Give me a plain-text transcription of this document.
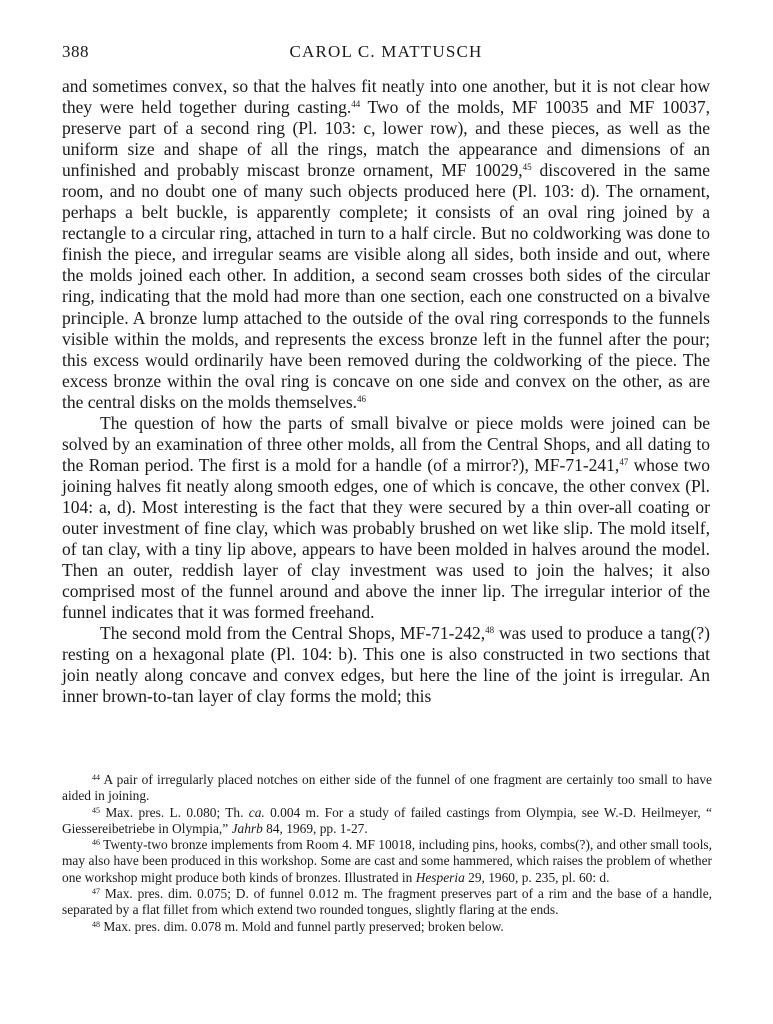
388	CAROL C. MATTUSCH

and sometimes convex, so that the halves fit neatly into one another, but it is not clear how they were held together during casting.$^{44}$ Two of the molds, MF 10035 and MF 10037, preserve part of a second ring (Pl. 103: c, lower row), and these pieces, as well as the uniform size and shape of all the rings, match the appearance and dimensions of an unfinished and probably miscast bronze ornament, MF 10029,45 discovered in the same room, and no doubt one of many such objects produced here (Pl. 103: d). The ornament, perhaps a belt buckle, is apparently complete; it consists of an oval ring joined by a rectangle to a circular ring, attached in turn to a half circle. But no coldworking was done to finish the piece, and irregular seams are visible along all sides, both inside and out, where the molds joined each other. In addition, a second seam crosses both sides of the circular ring, indicating that the mold had more than one section, each one constructed on a bivalve principle. A bronze lump attached to the outside of the oval ring corresponds to the funnels visible within the molds, and represents the excess bronze left in the funnel after the pour; this excess would ordinarily have been removed during the coldworking of the piece. The excess bronze within the oval ring is concave on one side and convex on the other, as are the central disks on the molds themselves.$^{46}$

The question of how the parts of small bivalve or piece molds were joined can be solved by an examination of three other molds, all from the Central Shops, and all dating to the Roman period. The first is a mold for a handle (of a mirror?), MF-71-241,47 whose two joining halves fit neatly along smooth edges, one of which is concave, the other convex (Pl. 104: a, d). Most interesting is the fact that they were secured by a thin over-all coating or outer investment of fine clay, which was probably brushed on wet like slip. The mold itself, of tan clay, with a tiny lip above, appears to have been molded in halves around the model. Then an outer, reddish layer of clay investment was used to join the halves; it also comprised most of the funnel around and above the inner lip. The irregular interior of the funnel indicates that it was formed freehand.

The second mold from the Central Shops, MF-71-242,48 was used to produce a tang(?) resting on a hexagonal plate (Pl. 104: b). This one is also constructed in two sections that join neatly along concave and convex edges, but here the line of the joint is irregular. An inner brown-to-tan layer of clay forms the mold; this

$^{44}$ A pair of irregularly placed notches on either side of the funnel of one fragment are certainly too small to have aided in joining.

$^{45}$ Max. pres. L. 0.080; Th. ca. 0.004 m. For a study of failed castings from Olympia, see W.-D. Heilmeyer, “ Giessereibetriebe in Olympia,” Jahrb 84, 1969, pp. 1-27.

$^{46}$ Twenty-two bronze implements from Room 4. MF 10018, including pins, hooks, combs(?), and other small tools, may also have been produced in this workshop. Some are cast and some hammered, which raises the problem of whether one workshop might produce both kinds of bronzes. Illustrated in Hesperia 29, 1960, p. 235, pl. 60: d.

$^{47}$ Max. pres. dim. 0.075; D. of funnel 0.012 m. The fragment preserves part of a rim and the base of a handle, separated by a flat fillet from which extend two rounded tongues, slightly flaring at the ends.

$^{48}$ Max. pres. dim. 0.078 m. Mold and funnel partly preserved; broken below.
